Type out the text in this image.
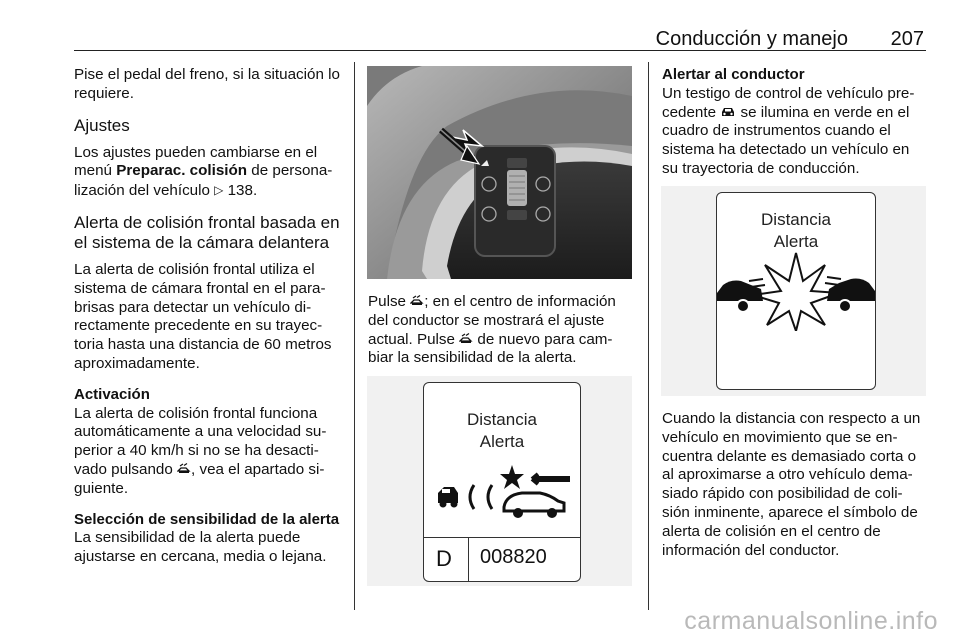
Conducción y manejo 207

Pise el pedal del freno, si la situación lo requiere.

Ajustes

Los ajustes pueden cambiarse en el menú Preparac. colisión de persona-lización del vehículo ▷ 138.

Alerta de colisión frontal basada en el sistema de la cámara delantera

La alerta de colisión frontal utiliza el sistema de cámara frontal en el para-brisas para detectar un vehículo di-rectamente precedente en su trayec-toria hasta una distancia de 60 metros aproximadamente.

Activación

La alerta de colisión frontal funciona automáticamente a una velocidad su-perior a 40 km/h si no se ha desacti-vado pulsando , vea el apartado si-guiente.

Selección de sensibilidad de la alerta

La sensibilidad de la alerta puede ajustarse en cercana, media o lejana.

Pulse ; en el centro de información del conductor se mostrará el ajuste actual. Pulse  de nuevo para cam-biar la sensibilidad de la alerta.

Distancia
Alerta
D 008820

Alertar al conductor

Un testigo de control de vehículo pre-cedente  se ilumina en verde en el cuadro de instrumentos cuando el sistema ha detectado un vehículo en su trayectoria de conducción.

Distancia
Alerta

Cuando la distancia con respecto a un vehículo en movimiento que se en-cuentra delante es demasiado corta o al aproximarse a otro vehículo dema-siado rápido con posibilidad de coli-sión inminente, aparece el símbolo de alerta de colisión en el centro de información del conductor.

carmanualsonline.info
